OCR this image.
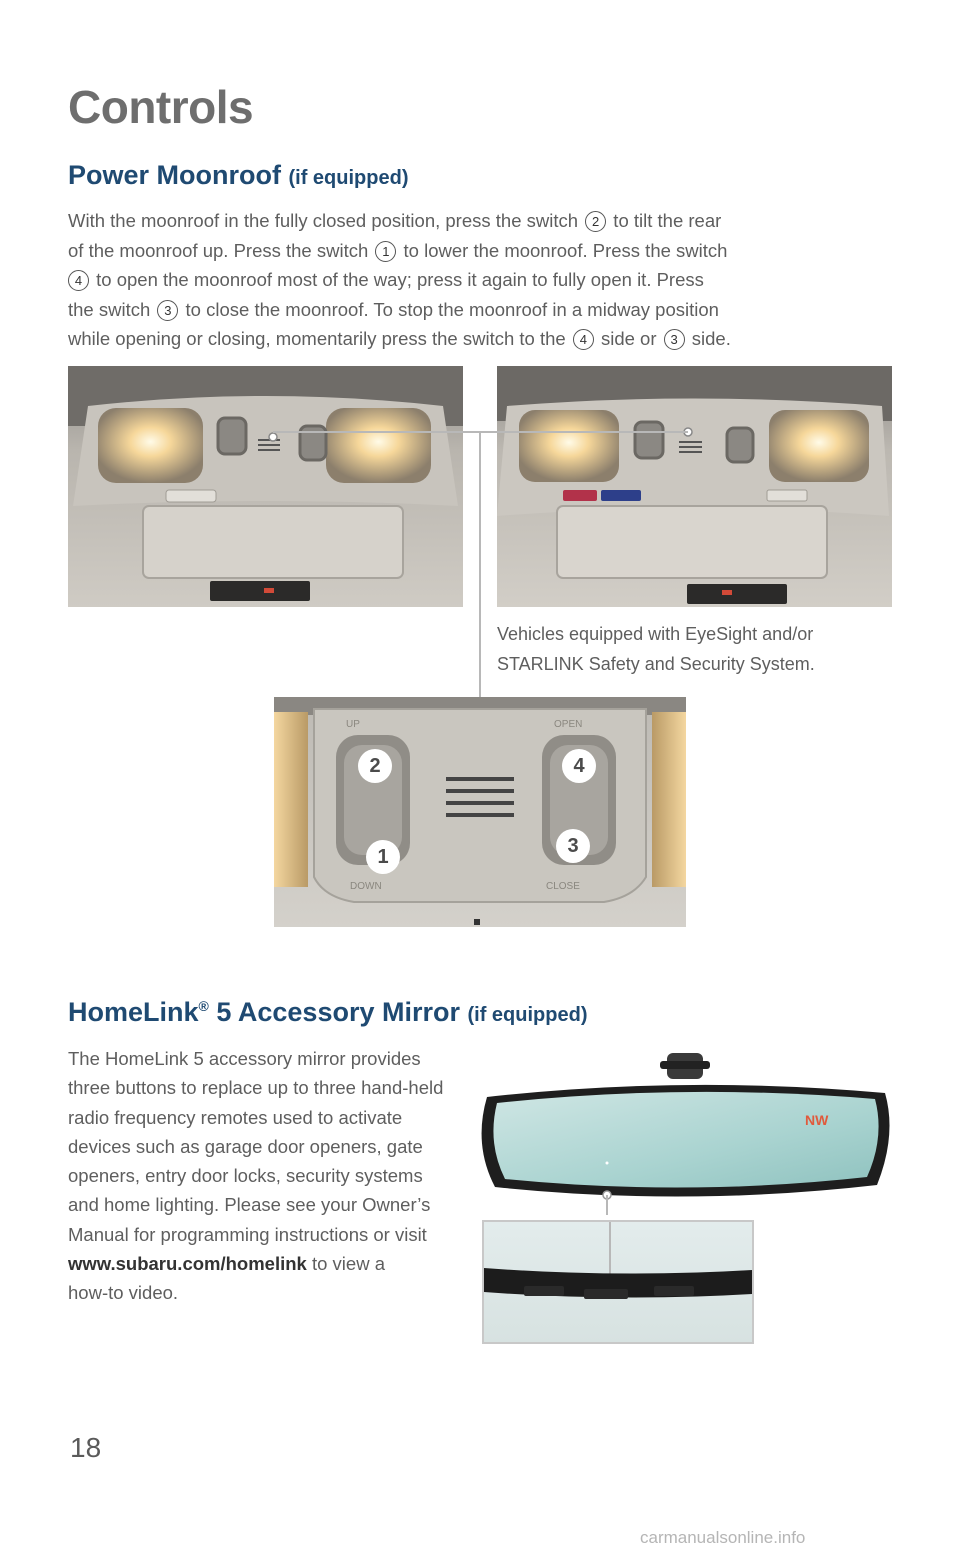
Controls
Power Moonroof (if equipped)
With the moonroof in the fully closed position, press the switch 2 to tilt the rear
of the moonroof up. Press the switch 1 to lower the moonroof. Press the switch
4 to open the moonroof most of the way; press it again to fully open it. Press
the switch 3 to close the moonroof. To stop the moonroof in a midway position
while opening or closing, momentarily press the switch to the 4 side or 3 side.
Vehicles equipped with EyeSight and/or
STARLINK Safety and Security System.
UP	OPEN
DOWN	CLOSE
2	4
1	3
HomeLink® 5 Accessory Mirror (if equipped)
The HomeLink 5 accessory mirror provides
three buttons to replace up to three hand-held
radio frequency remotes used to activate
devices such as garage door openers, gate
openers, entry door locks, security systems
and home lighting. Please see your Owner’s
Manual for programming instructions or visit
www.subaru.com/homelink to view a
how-to video.
NW
18
carmanualsonline.info
